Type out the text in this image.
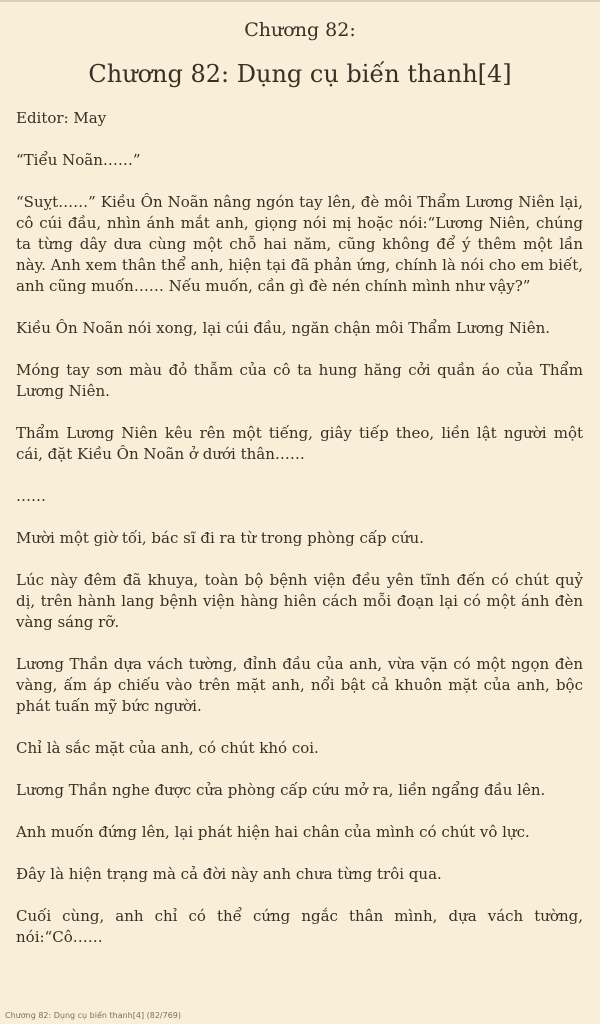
Chương 82:
Chương 82: Dụng cụ biến thanh[4]

Editor: May

“Tiểu Noãn……”

“Suỵt……” Kiều Ôn Noãn nâng ngón tay lên, đè môi Thẩm Lương Niên lại, cô cúi đầu, nhìn ánh mắt anh, giọng nói mị hoặc nói:“Lương Niên, chúng ta từng dây dưa cùng một chỗ hai năm, cũng không để ý thêm một lần này. Anh xem thân thể anh, hiện tại đã phản ứng, chính là nói cho em biết, anh cũng muốn…… Nếu muốn, cần gì đè nén chính mình như vậy?”

Kiều Ôn Noãn nói xong, lại cúi đầu, ngăn chận môi Thẩm Lương Niên.

Móng tay sơn màu đỏ thẫm của cô ta hung hăng cởi quần áo của Thẩm Lương Niên.

Thẩm Lương Niên kêu rên một tiếng, giây tiếp theo, liền lật người một cái, đặt Kiều Ôn Noãn ở dưới thân……

……

Mười một giờ tối, bác sĩ đi ra từ trong phòng cấp cứu.

Lúc này đêm đã khuya, toàn bộ bệnh viện đều yên tĩnh đến có chút quỷ dị, trên hành lang bệnh viện hàng hiên cách mỗi đoạn lại có một ánh đèn vàng sáng rỡ.

Lương Thần dựa vách tường, đỉnh đầu của anh, vừa vặn có một ngọn đèn vàng, ấm áp chiếu vào trên mặt anh, nổi bật cả khuôn mặt của anh, bộc phát tuấn mỹ bức người.

Chỉ là sắc mặt của anh, có chút khó coi.

Lương Thần nghe được cửa phòng cấp cứu mở ra, liền ngẩng đầu lên.

Anh muốn đứng lên, lại phát hiện hai chân của mình có chút vô lực.

Đây là hiện trạng mà cả đời này anh chưa từng trôi qua.

Cuối cùng, anh chỉ có thể cứng ngắc thân mình, dựa vách tường, nói:“Cô……

Chương 82: Dụng cụ biến thanh[4] (82/769)
